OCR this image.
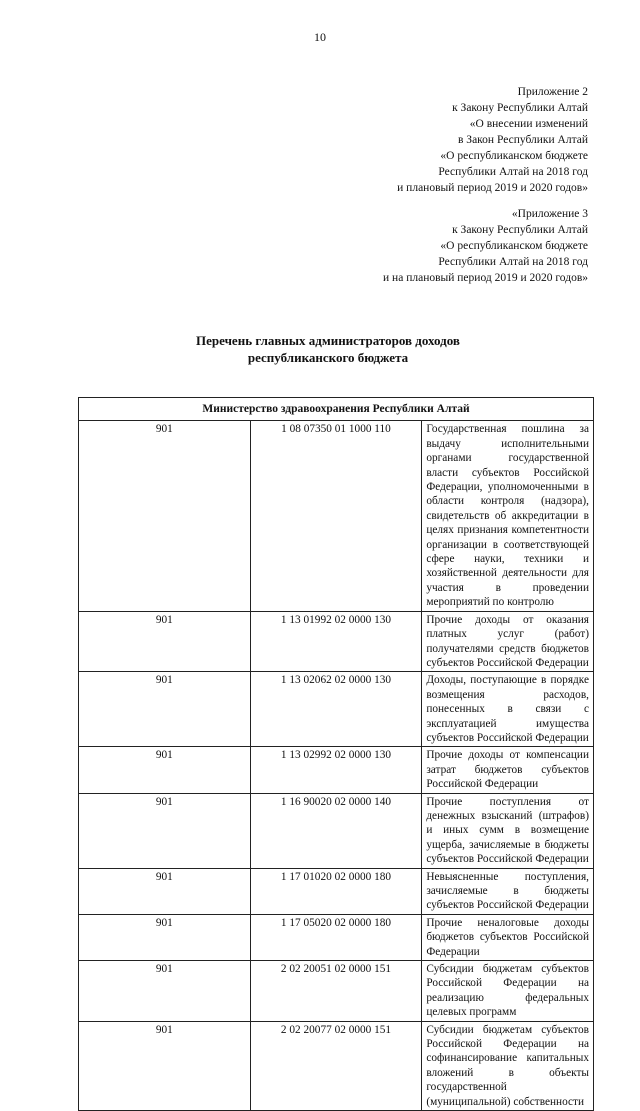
10
Приложение 2
к Закону Республики Алтай
«О внесении изменений
в Закон Республики Алтай
«О республиканском бюджете
Республики Алтай на 2018 год
и плановый период 2019 и 2020 годов»
«Приложение 3
к Закону Республики Алтай
«О республиканском бюджете
Республики Алтай на 2018 год
и на плановый период 2019 и 2020 годов»
Перечень главных администраторов доходов
республиканского бюджета
Министерство здравоохранения Республики Алтай		
901	1 08 07350 01 1000 110	Государственная пошлина за выдачу исполнительными органами государственной власти субъектов Российской Федерации, уполномоченными в области контроля (надзора), свидетельств об аккредитации в целях признания компетентности организации в соответствующей сфере науки, техники и хозяйственной деятельности для участия в проведении мероприятий по контролю
901	1 13 01992 02 0000 130	Прочие доходы от оказания платных услуг (работ) получателями средств бюджетов субъектов Российской Федерации
901	1 13 02062 02 0000 130	Доходы, поступающие в порядке возмещения расходов, понесенных в связи с эксплуатацией имущества субъектов Российской Федерации
901	1 13 02992 02 0000 130	Прочие доходы от компенсации затрат бюджетов субъектов Российской Федерации
901	1 16 90020 02 0000 140	Прочие поступления от денежных взысканий (штрафов) и иных сумм в возмещение ущерба, зачисляемые в бюджеты субъектов Российской Федерации
901	1 17 01020 02 0000 180	Невыясненные поступления, зачисляемые в бюджеты субъектов Российской Федерации
901	1 17 05020 02 0000 180	Прочие неналоговые доходы бюджетов субъектов Российской Федерации
901	2 02 20051 02 0000 151	Субсидии бюджетам субъектов Российской Федерации на реализацию федеральных целевых программ
901	2 02 20077 02 0000 151	Субсидии бюджетам субъектов Российской Федерации на софинансирование капитальных вложений в объекты государственной (муниципальной) собственности
